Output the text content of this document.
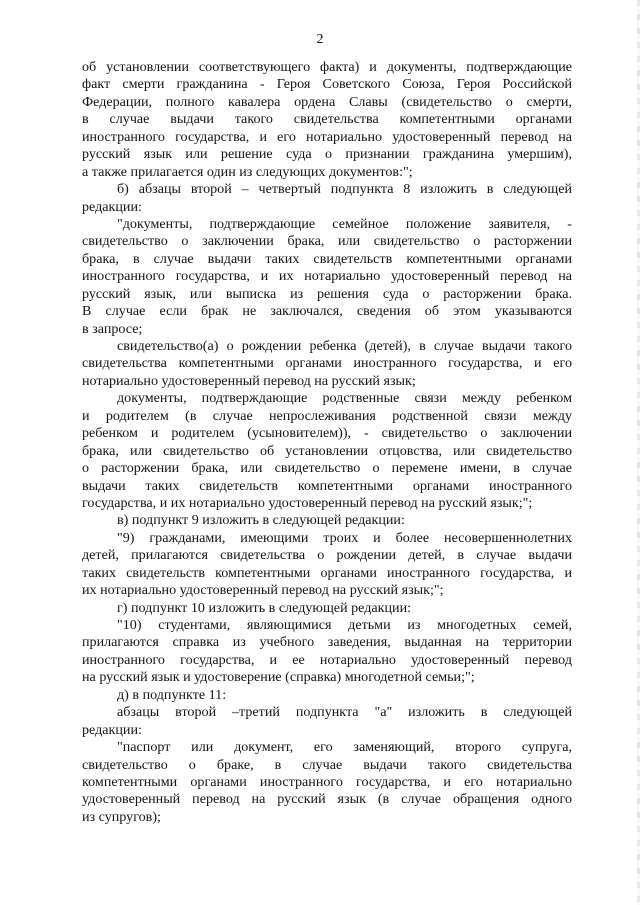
2
об установлении соответствующего факта) и документы, подтверждающие
факт смерти гражданина - Героя Советского Союза, Героя Российской
Федерации, полного кавалера ордена Славы (свидетельство о смерти,
в случае выдачи такого свидетельства компетентными органами
иностранного государства, и его нотариально удостоверенный перевод на
русский язык или решение суда о признании гражданина умершим),
а также прилагается один из следующих документов:";
б) абзацы второй – четвертый подпункта 8 изложить в следующей
редакции:
"документы, подтверждающие семейное положение заявителя, -
свидетельство о заключении брака, или свидетельство о расторжении
брака, в случае выдачи таких свидетельств компетентными органами
иностранного государства, и их нотариально удостоверенный перевод на
русский язык, или выписка из решения суда о расторжении брака.
В случае если брак не заключался, сведения об этом указываются
в запросе;
свидетельство(а) о рождении ребенка (детей), в случае выдачи такого
свидетельства компетентными органами иностранного государства, и его
нотариально удостоверенный перевод на русский язык;
документы, подтверждающие родственные связи между ребенком
и родителем (в случае непрослеживания родственной связи между
ребенком и родителем (усыновителем)), - свидетельство о заключении
брака, или свидетельство об установлении отцовства, или свидетельство
о расторжении брака, или свидетельство о перемене имени, в случае
выдачи таких свидетельств компетентными органами иностранного
государства, и их нотариально удостоверенный перевод на русский язык;";
в) подпункт 9 изложить в следующей редакции:
"9) гражданами, имеющими троих и более несовершеннолетних
детей, прилагаются свидетельства о рождении детей, в случае выдачи
таких свидетельств компетентными органами иностранного государства, и
их нотариально удостоверенный перевод на русский язык;";
г) подпункт 10 изложить в следующей редакции:
"10) студентами, являющимися детьми из многодетных семей,
прилагаются справка из учебного заведения, выданная на территории
иностранного государства, и ее нотариально удостоверенный перевод
на русский язык и удостоверение (справка) многодетной семьи;";
д) в подпункте 11:
абзацы второй –третий подпункта "а" изложить в следующей
редакции:
"паспорт или документ, его заменяющий, второго супруга,
свидетельство о браке, в случае выдачи такого свидетельства
компетентными органами иностранного государства, и его нотариально
удостоверенный перевод на русский язык (в случае обращения одного
из супругов);
